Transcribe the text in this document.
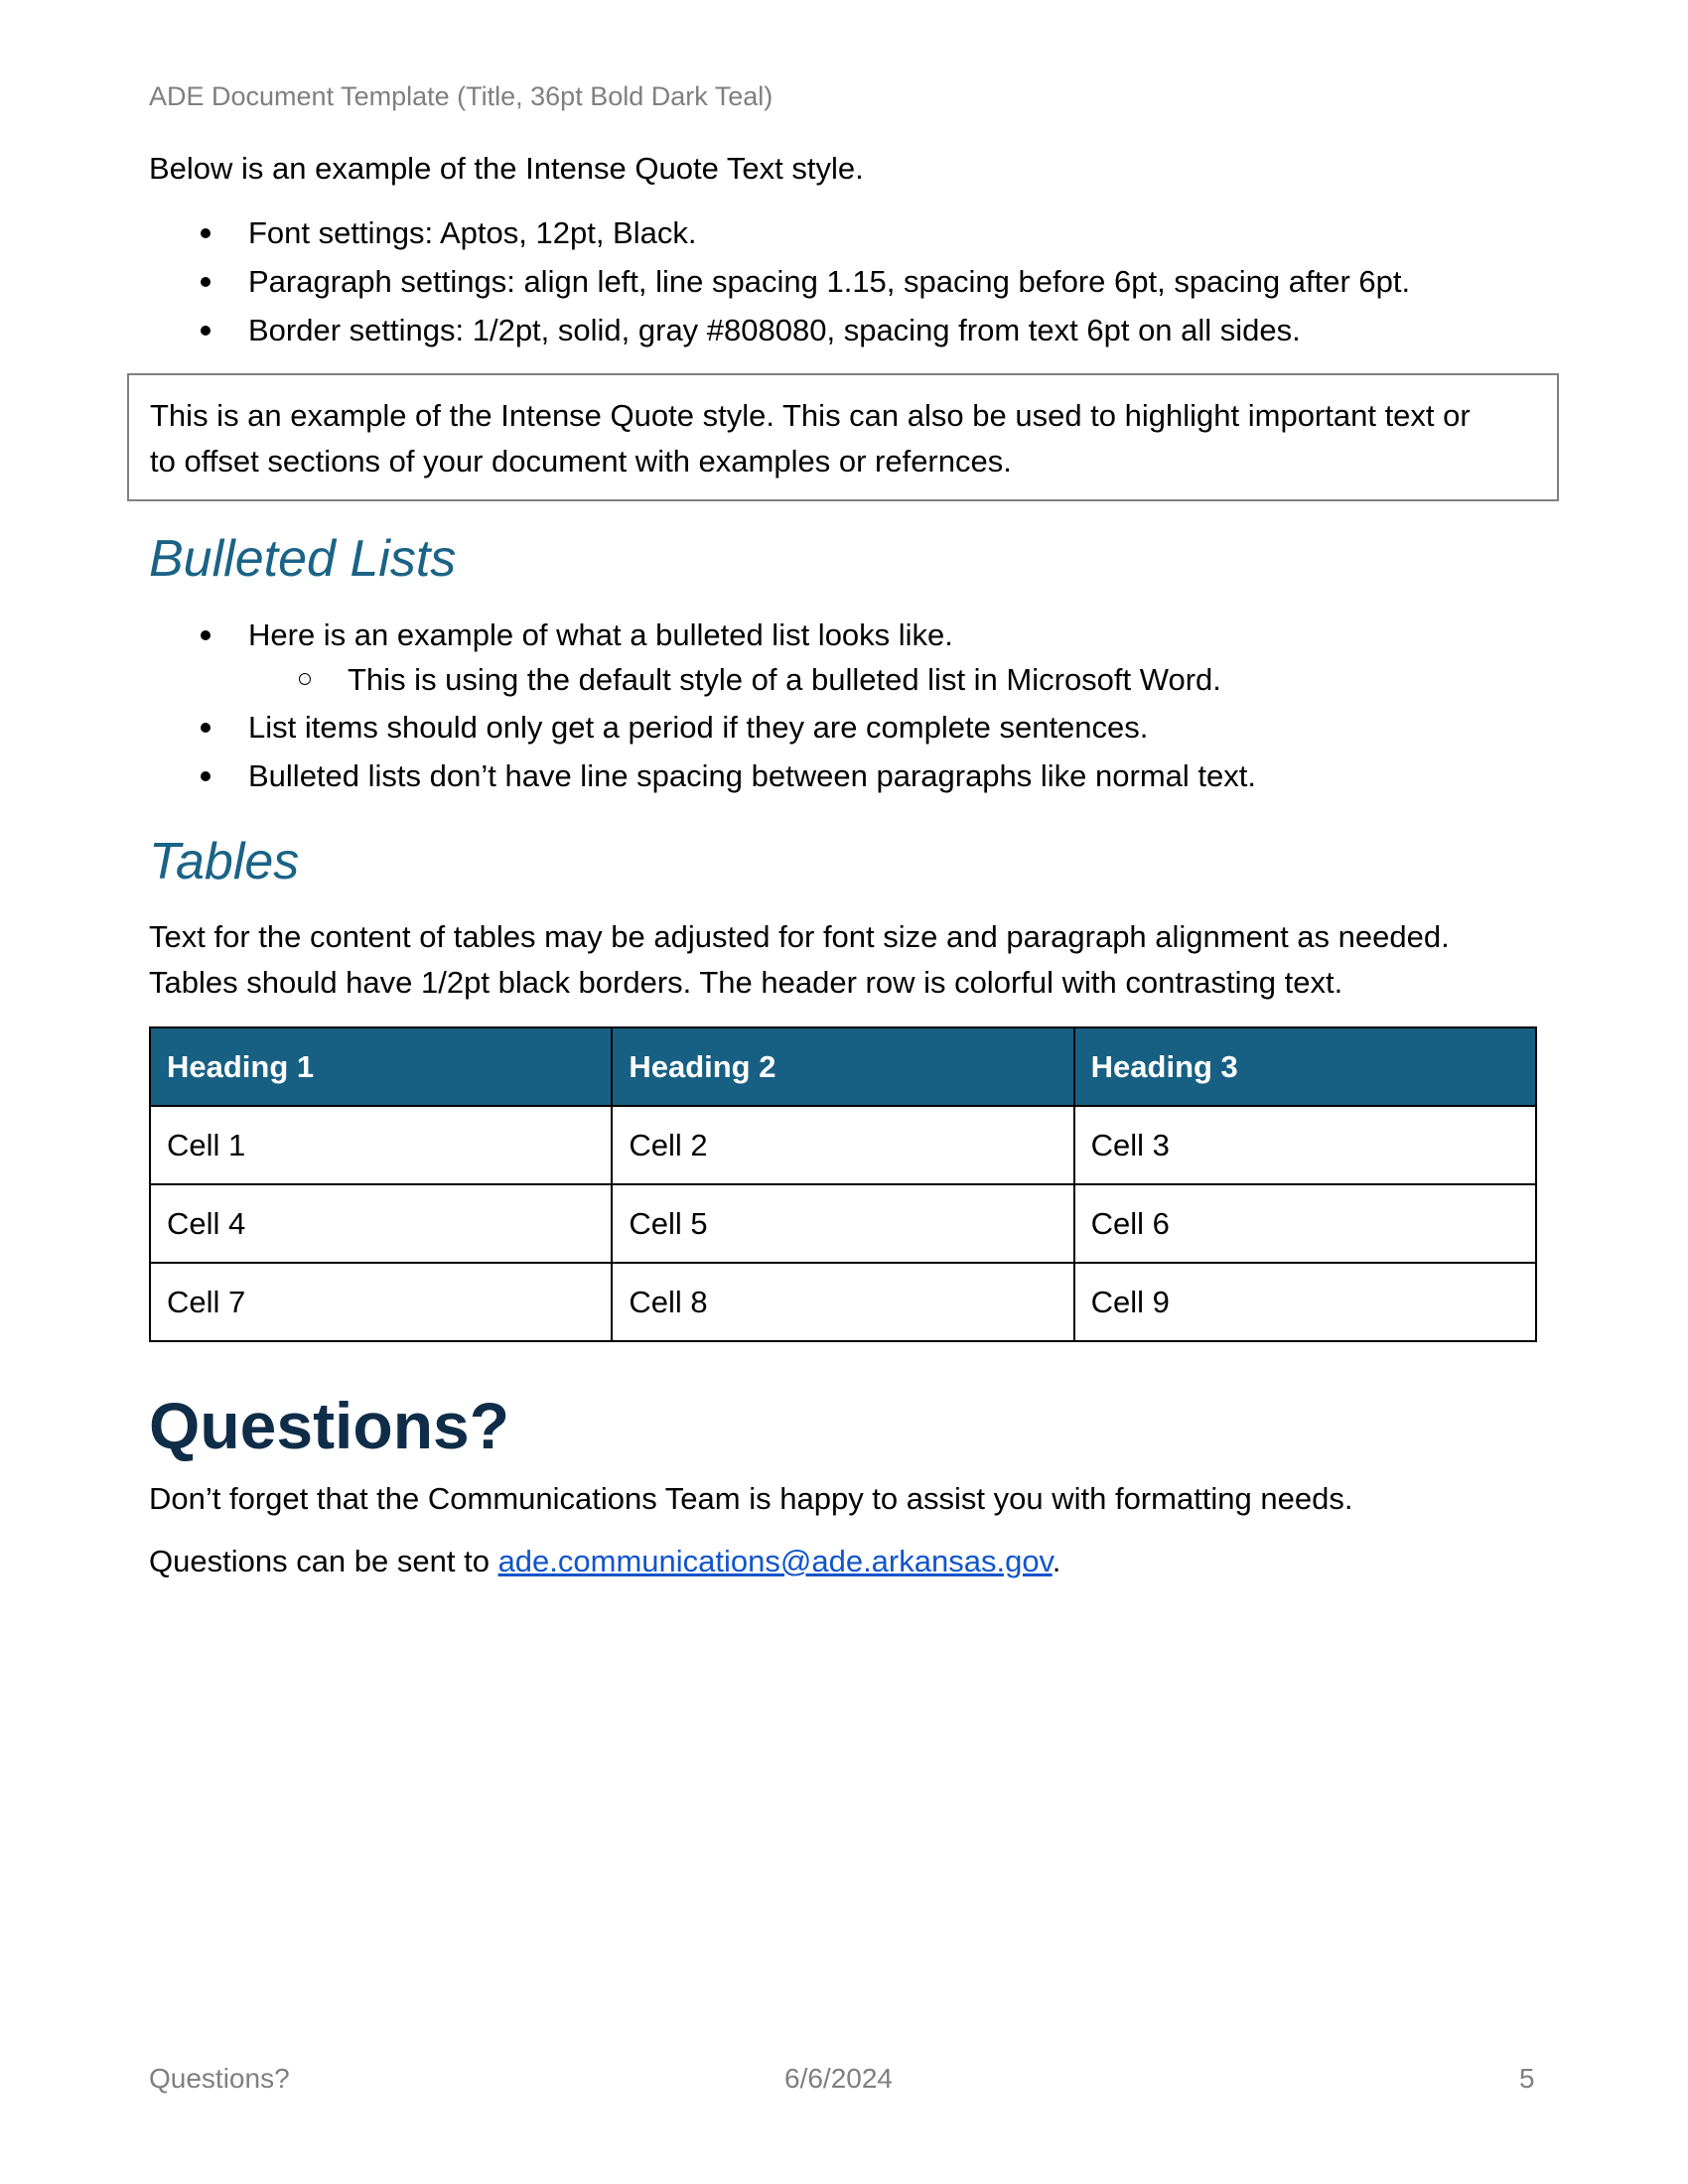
ADE Document Template (Title, 36pt Bold Dark Teal)

Below is an example of the Intense Quote Text style.

Font settings: Aptos, 12pt, Black.
Paragraph settings: align left, line spacing 1.15, spacing before 6pt, spacing after 6pt.
Border settings: 1/2pt, solid, gray #808080, spacing from text 6pt on all sides.
This is an example of the Intense Quote style. This can also be used to highlight important text or
to offset sections of your document with examples or refernces.
Bulleted Lists
Here is an example of what a bulleted list looks like.
This is using the default style of a bulleted list in Microsoft Word.
List items should only get a period if they are complete sentences.
Bulleted lists don’t have line spacing between paragraphs like normal text.
Tables

Text for the content of tables may be adjusted for font size and paragraph alignment as needed.

Tables should have 1/2pt black borders. The header row is colorful with contrasting text.

Heading 1	Heading 2	Heading 3
Cell 1	Cell 2	Cell 3
Cell 4	Cell 5	Cell 6
Cell 7	Cell 8	Cell 9
Questions?

Don’t forget that the Communications Team is happy to assist you with formatting needs.

Questions can be sent to ade.communications@ade.arkansas.gov.

Questions?	6/6/2024	5
